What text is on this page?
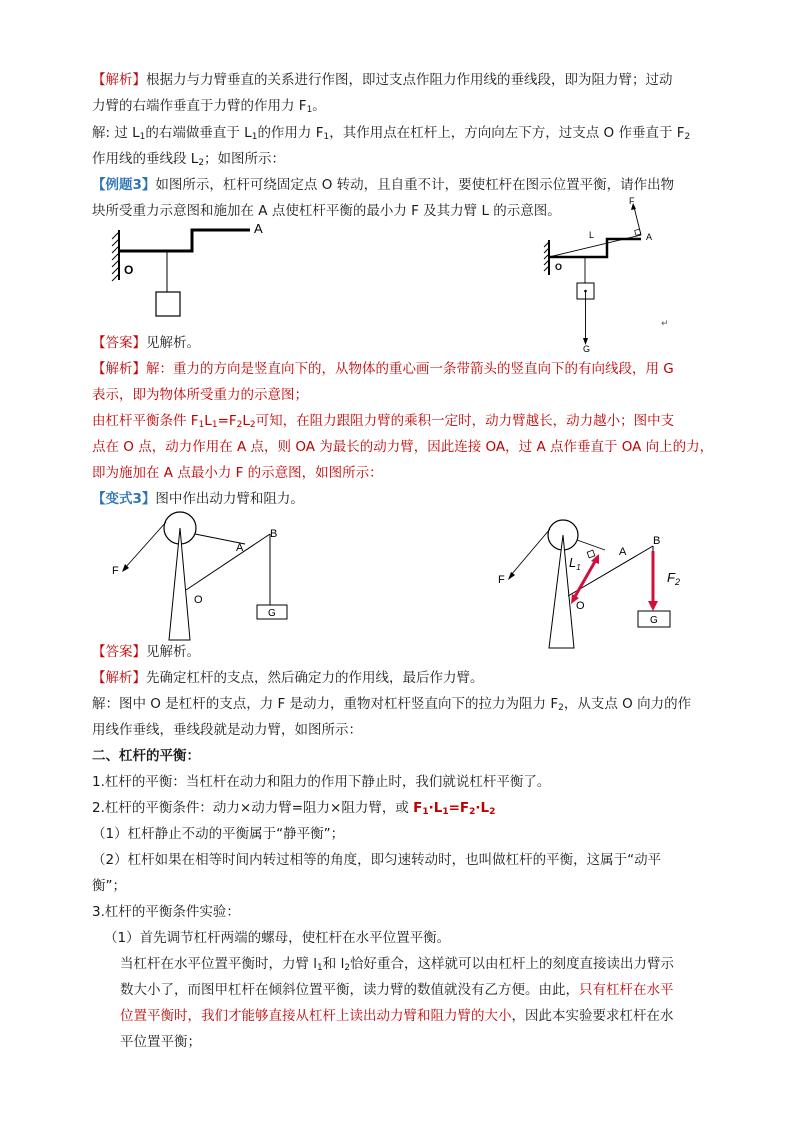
【解析】根据力与力臂垂直的关系进行作图，即过支点作阻力作用线的垂线段，即为阻力臂；过动
力臂的右端作垂直于力臂的作用力 $F_1$。
解: 过 $L_1$的右端做垂直于 $L_1$的作用力 $F_1$，其作用点在杠杆上，方向向左下方，过支点 O 作垂直于 $F_2$
作用线的垂线段 $L_2$；如图所示：
【例题3】如图所示，杠杆可绕固定点 O 转动，且自重不计，要使杠杆在图示位置平衡，请作出物
块所受重力示意图和施加在 A 点使杠杆平衡的最小力 F 及其力臂 L 的示意图。
A
O
F
L	A
O
G
↵
【答案】见解析。
【解析】解：重力的方向是竖直向下的，从物体的重心画一条带箭头的竖直向下的有向线段，用 G
表示，即为物体所受重力的示意图；
由杠杆平衡条件 $F_1L_1=F_2L_2$可知，在阻力跟阻力臂的乘积一定时，动力臂越长，动力越小；图中支
点在 O 点，动力作用在 A 点，则 OA 为最长的动力臂，因此连接 OA，过 A 点作垂直于 OA 向上的力，
即为施加在 A 点最小力 F 的示意图，如图所示：
【变式3】图中作出动力臂和阻力。
F
A
B
O
G
F
$L_1$
A
B
O
$F_2$
G
【答案】见解析。
【解析】先确定杠杆的支点，然后确定力的作用线，最后作力臂。
解：图中 O 是杠杆的支点，力 F 是动力，重物对杠杆竖直向下的拉力为阻力 $F_2$，从支点 O 向力的作
用线作垂线，垂线段就是动力臂，如图所示：
二、杠杆的平衡：
1.杠杆的平衡：当杠杆在动力和阻力的作用下静止时，我们就说杠杆平衡了。
2.杠杆的平衡条件：动力×动力臂=阻力×阻力臂，或 $F_1\cdot L_1=F_2\cdot L_2$
（1）杠杆静止不动的平衡属于“静平衡”；
（2）杠杆如果在相等时间内转过相等的角度，即匀速转动时，也叫做杠杆的平衡，这属于“动平
衡”；
3.杠杆的平衡条件实验：
（1）首先调节杠杆两端的螺母，使杠杆在水平位置平衡。
当杠杆在水平位置平衡时，力臂 $l_1$和 $l_2$恰好重合，这样就可以由杠杆上的刻度直接读出力臂示
数大小了，而图甲杠杆在倾斜位置平衡，读力臂的数值就没有乙方便。由此，只有杠杆在水平
位置平衡时，我们才能够直接从杠杆上读出动力臂和阻力臂的大小，因此本实验要求杠杆在水
平位置平衡；
